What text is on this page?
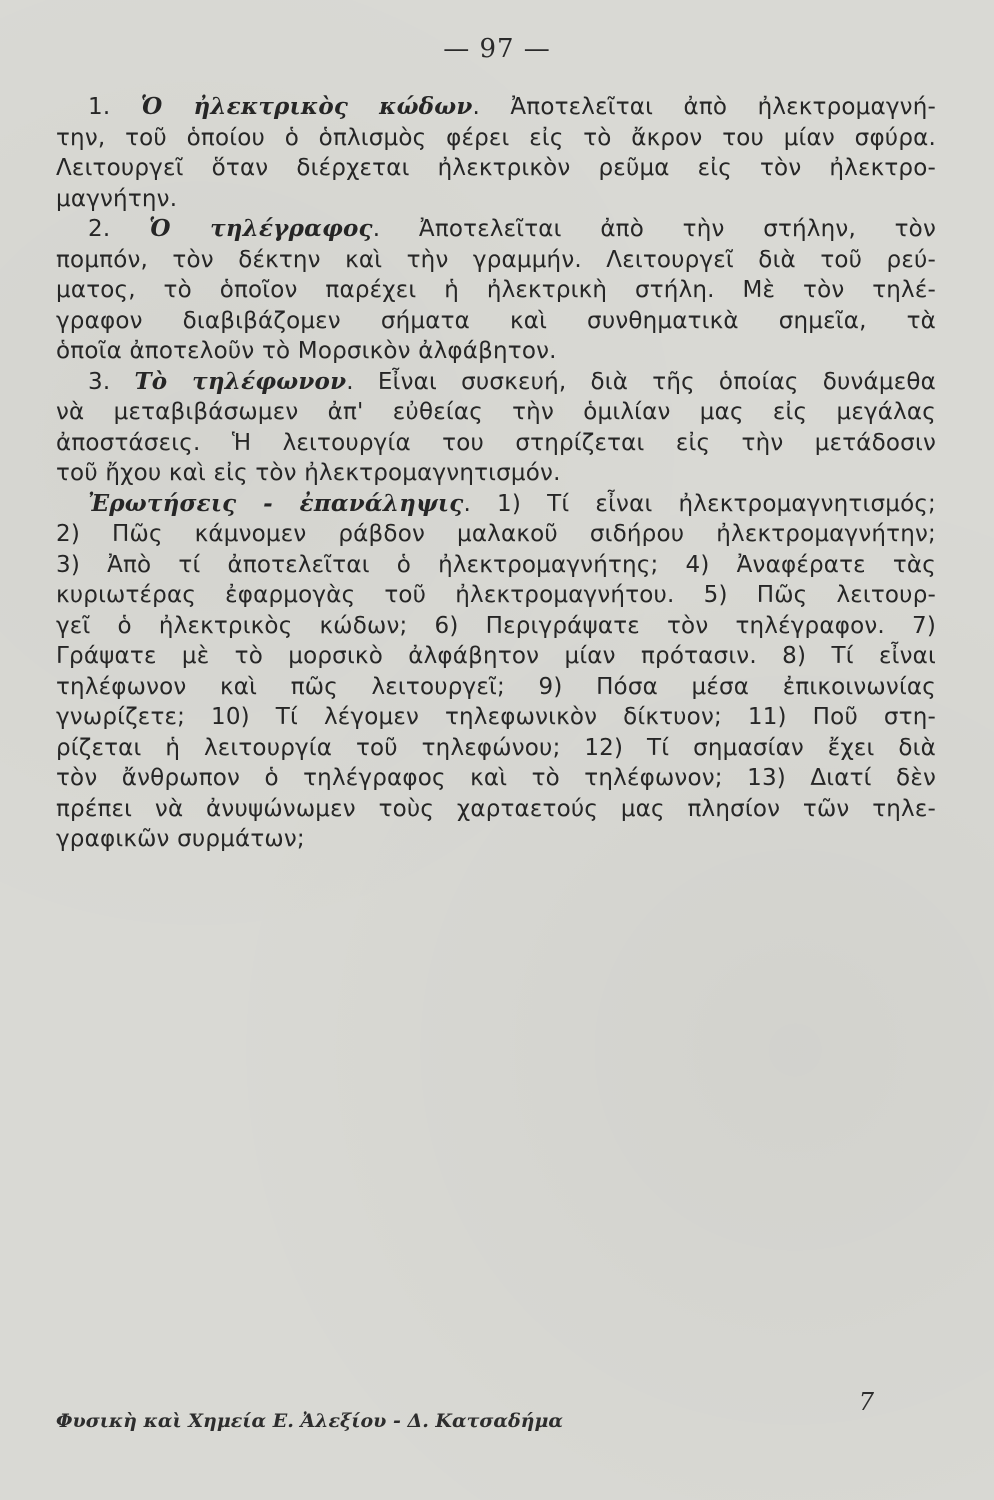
— 97 —
1. Ὁ ἠλεκτρικὸς κώδων. Ἀποτελεῖται ἀπὸ ἠλεκτρομαγνή-
την, τοῦ ὁποίου ὁ ὁπλισμὸς φέρει εἰς τὸ ἄκρον του μίαν σφύρα.
Λειτουργεῖ ὅταν διέρχεται ἠλεκτρικὸν ρεῦμα εἰς τὸν ἠλεκτρο-
μαγνήτην.
2. Ὁ τηλέγραφος. Ἀποτελεῖται ἀπὸ τὴν στήλην, τὸν
πομπόν, τὸν δέκτην καὶ τὴν γραμμήν. Λειτουργεῖ διὰ τοῦ ρεύ-
ματος, τὸ ὁποῖον παρέχει ἡ ἠλεκτρικὴ στήλη. Μὲ τὸν τηλέ-
γραφον διαβιβάζομεν σήματα καὶ συνθηματικὰ σημεῖα, τὰ
ὁποῖα ἀποτελοῦν τὸ Μορσικὸν ἀλφάβητον.
3. Τὸ τηλέφωνον. Εἶναι συσκευή, διὰ τῆς ὁποίας δυνάμεθα
νὰ μεταβιβάσωμεν ἀπ' εὐθείας τὴν ὁμιλίαν μας εἰς μεγάλας
ἀποστάσεις. Ἡ λειτουργία του στηρίζεται εἰς τὴν μετάδοσιν
τοῦ ἤχου καὶ εἰς τὸν ἠλεκτρομαγνητισμόν.
Ἐρωτήσεις - ἐπανάληψις. 1) Τί εἶναι ἠλεκτρομαγνητισμός;
2) Πῶς κάμνομεν ράβδον μαλακοῦ σιδήρου ἠλεκτρομαγνήτην;
3) Ἀπὸ τί ἀποτελεῖται ὁ ἠλεκτρομαγνήτης; 4) Ἀναφέρατε τὰς
κυριωτέρας ἐφαρμογὰς τοῦ ἠλεκτρομαγνήτου. 5) Πῶς λειτουρ-
γεῖ ὁ ἠλεκτρικὸς κώδων; 6) Περιγράψατε τὸν τηλέγραφον. 7)
Γράψατε μὲ τὸ μορσικὸ ἀλφάβητον μίαν πρότασιν. 8) Τί εἶναι
τηλέφωνον καὶ πῶς λειτουργεῖ; 9) Πόσα μέσα ἐπικοινωνίας
γνωρίζετε; 10) Τί λέγομεν τηλεφωνικὸν δίκτυον; 11) Ποῦ στη-
ρίζεται ἡ λειτουργία τοῦ τηλεφώνου; 12) Τί σημασίαν ἔχει διὰ
τὸν ἄνθρωπον ὁ τηλέγραφος καὶ τὸ τηλέφωνον; 13) Διατί δὲν
πρέπει νὰ ἀνυψώνωμεν τοὺς χαρταετούς μας πλησίον τῶν τηλε-
γραφικῶν συρμάτων;
Φυσικὴ καὶ Χημεία Ε. Ἀλεξίου - Δ. Κατσαδήμα
7
